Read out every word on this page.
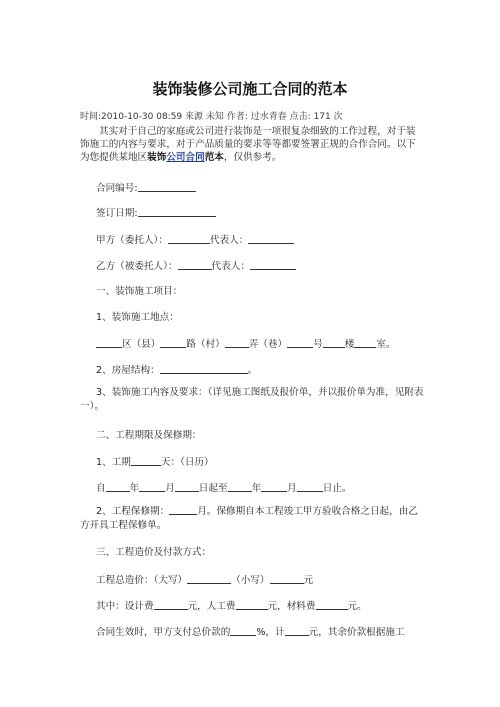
装饰装修公司施工合同的范本
时间:2010-10-30 08:59 来源 未知 作者: 过水青春 点击: 171 次
其实对于自己的家庭或公司进行装饰是一项很复杂细致的工作过程，对于装饰施工的内容与要求，对于产品质量的要求等等都要签署正规的合作合同。以下为您提供某地区装饰公司合同范本，仅供参考。
合同编号:
签订日期:
甲方（委托人）：	代表人：
乙方（被委托人）：	代表人：
一、装饰施工项目：
1、装饰施工地点：
区（县）	路（村）	弄（巷）	号 楼 室。
2、房屋结构：	。
3、装饰施工内容及要求：（详见施工图纸及报价单，并以报价单为准，见附表一）。
二、工程期限及保修期：
1、工期	天：（日历）
自	年	月	日起至	年	月	日止。
2、工程保修期：	月。保修期自本工程竣工甲方验收合格之日起，由乙方开具工程保修单。
三、工程造价及付款方式：
工程总造价：（大写）	（小写）	元
其中：设计费	元，人工费	元，材料费	元。
合同生效时，甲方支付总价款的	%，计	元，其余价款根据施工
